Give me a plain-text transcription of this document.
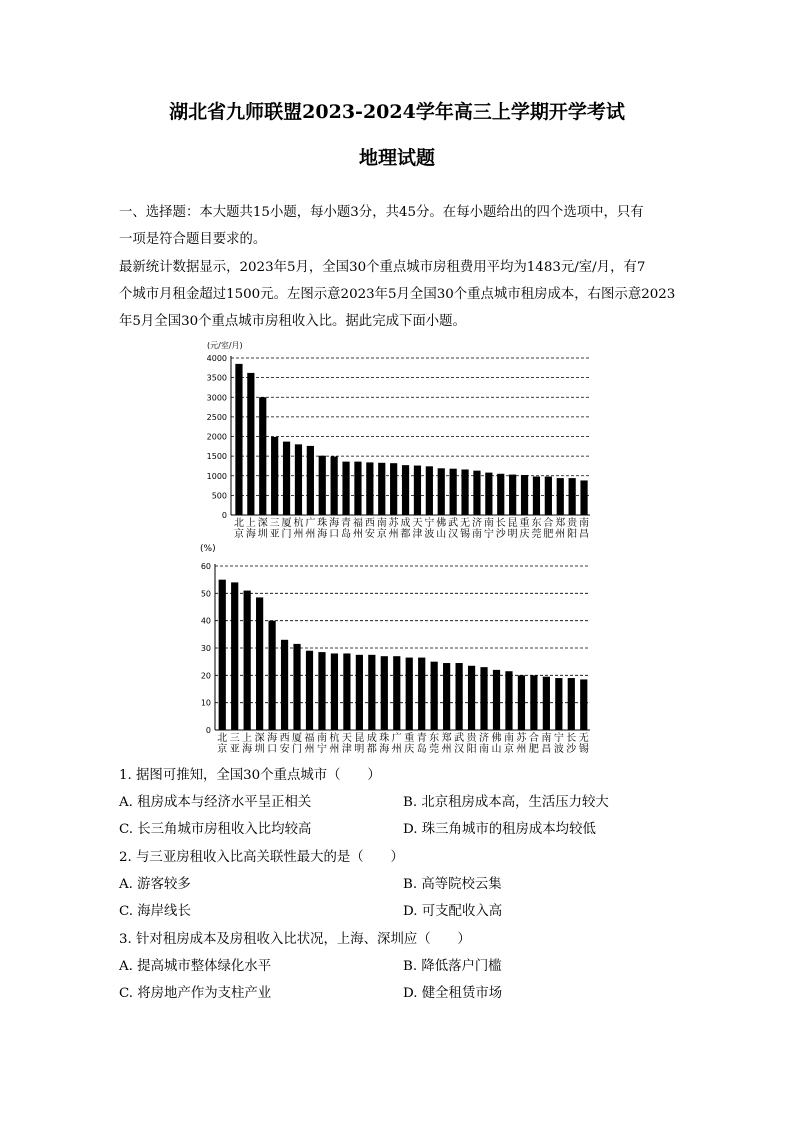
湖北省九师联盟2023-2024学年高三上学期开学考试
地理试题
一、选择题：本大题共15小题，每小题3分，共45分。在每小题给出的四个选项中，只有
一项是符合题目要求的。
最新统计数据显示，2023年5月，全国30个重点城市房租费用平均为1483元/室/月，有7
个城市月租金超过1500元。左图示意2023年5月全国30个重点城市租房成本，右图示意2023
年5月全国30个重点城市房租收入比。据此完成下面小题。
(元/室/月)
0
500
1000
1500
2000
2500
3000
3500
4000
北
京
上
海
深
圳
三
亚
厦
门
杭
州
广
州
珠
海
海
口
青
岛
福
州
西
安
南
京
苏
州
成
都
天
津
宁
波
佛
山
武
汉
无
锡
济
南
南
宁
长
沙
昆
明
重
庆
东
莞
合
肥
郑
州
贵
阳
南
昌
(%)
0
10
20
30
40
50
60
北
京
三
亚
上
海
深
圳
海
口
西
安
厦
门
福
州
南
宁
杭
州
天
津
昆
明
成
都
珠
海
广
州
重
庆
青
岛
东
莞
郑
州
武
汉
贵
阳
济
南
佛
山
南
京
苏
州
合
肥
南
昌
宁
波
长
沙
无
锡
1. 据图可推知，全国30个重点城市（　　）
A. 租房成本与经济水平呈正相关	B. 北京租房成本高，生活压力较大
C. 长三角城市房租收入比均较高	D. 珠三角城市的租房成本均较低
2. 与三亚房租收入比高关联性最大的是（　　）
A. 游客较多	B. 高等院校云集
C. 海岸线长	D. 可支配收入高
3. 针对租房成本及房租收入比状况，上海、深圳应（　　）
A. 提高城市整体绿化水平	B. 降低落户门槛
C. 将房地产作为支柱产业	D. 健全租赁市场
